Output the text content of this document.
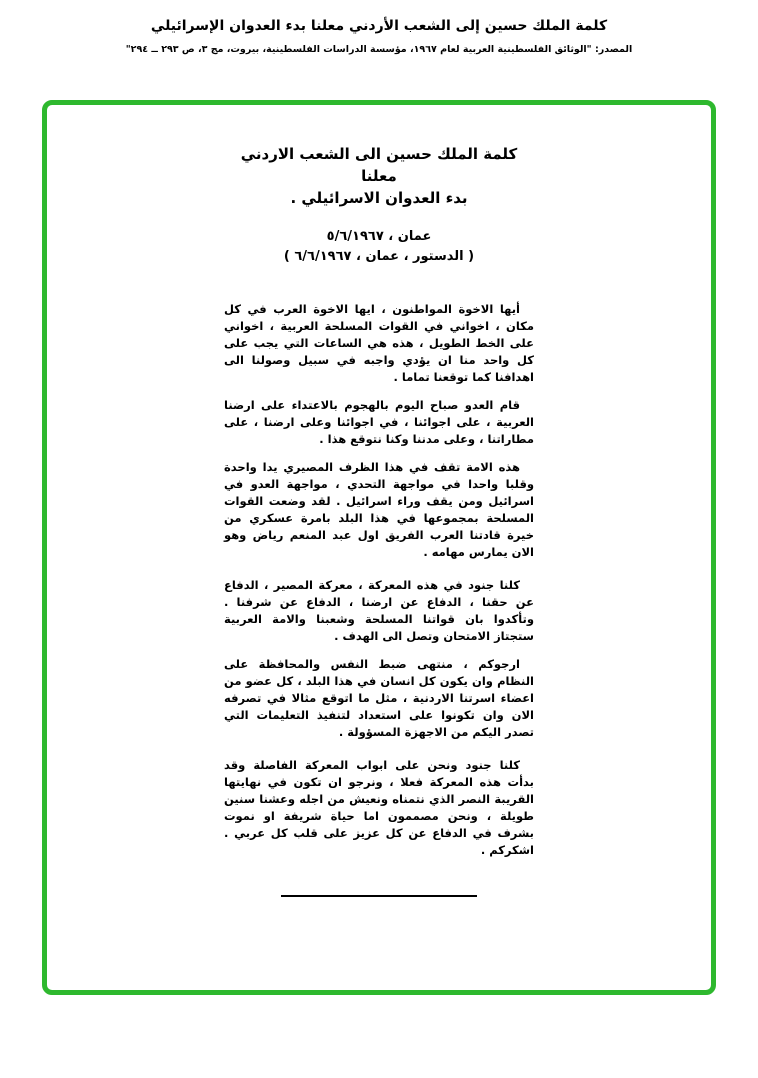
كلمة الملك حسين إلى الشعب الأردني معلنا بدء العدوان الإسرائيلي
المصدر: "الوثائق الفلسطينية العربية لعام ١٩٦٧، مؤسسة الدراسات الفلسطينية، بيروت، مج ٣، ص ٢٩٣ ــ ٢٩٤"
كلمة الملك حسين الى الشعب الاردني معلنا
بدء العدوان الاسرائيلي .
عمان ، ٥/٦/١٩٦٧
( الدستور ، عمان ، ٦/٦/١٩٦٧ )

أيها الاخوة المواطنون ، ايها الاخوة العرب في كل مكان ، اخواني في القوات المسلحة العربية ، اخواني على الخط الطويل ، هذه هي الساعات التي يجب على كل واحد منا ان يؤدي واجبه في سبيل وصولنا الى اهدافنا كما توقعنا تماما .

قام العدو صباح اليوم بالهجوم بالاعتداء على ارضنا العربية ، على اجوائنا ، في اجوائنا وعلى ارضنا ، على مطاراتنا ، وعلى مدننا وكنا نتوقع هذا .

هذه الامة تقف في هذا الظرف المصيري يدا واحدة وقلبا واحدا في مواجهة التحدي ، مواجهة العدو في اسرائيل ومن يقف وراء اسرائيل . لقد وضعت القوات المسلحة بمجموعها في هذا البلد بامرة عسكري من خيرة قادتنا العرب الفريق اول عبد المنعم رياض وهو الان يمارس مهامه .

كلنا جنود في هذه المعركة ، معركة المصير ، الدفاع عن حقنا ، الدفاع عن ارضنا ، الدفاع عن شرفنا . وتأكدوا بان قواتنا المسلحة وشعبنا والامة العربية ستجتاز الامتحان وتصل الى الهدف .

ارجوكم ، منتهى ضبط النفس والمحافظة على النظام وان يكون كل انسان في هذا البلد ، كل عضو من اعضاء اسرتنا الاردنية ، مثل ما اتوقع مثالا في تصرفه الان وان تكونوا على استعداد لتنفيذ التعليمات التي تصدر اليكم من الاجهزة المسؤولة .

كلنا جنود ونحن على ابواب المعركة الفاصلة وقد بدأت هذه المعركة فعلا ، ونرجو ان تكون في نهايتها القريبة النصر الذي نتمناه ونعيش من اجله وعشنا سنين طويلة ، ونحن مصممون اما حياة شريفة او نموت بشرف في الدفاع عن كل عزيز على قلب كل عربي . اشكركم .
